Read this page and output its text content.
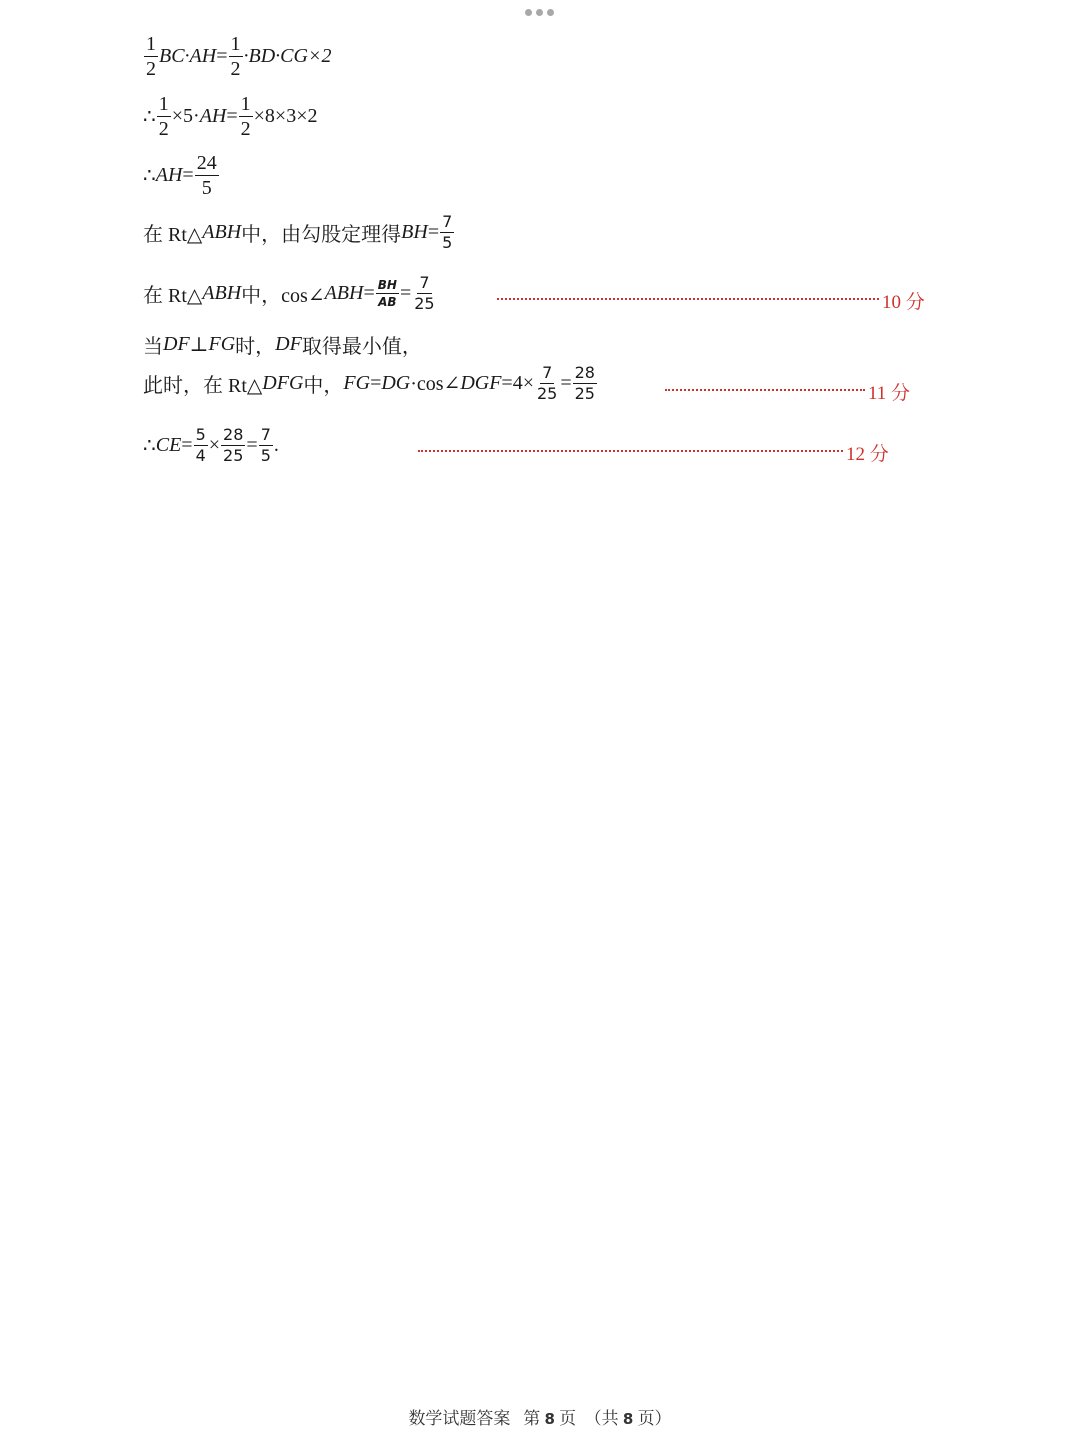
$\frac{1}{2} BC\cdot AH = \frac{1}{2} \cdot BD\cdot CG\times 2$
∴ $\frac{1}{2} \times 5\cdot$ AH = $\frac{1}{2} \times 8\times 3\times 2$
∴ AH = $\frac{24}{5}$
在 Rt△ ABH 中，由勾股定理得 BH = $\frac{7}{5}$
在 Rt△ ABH 中，cos∠ ABH = $\frac{BH}{AB} = \frac{7}{25}$	10 分
当 DF ⊥ FG 时， DF 取得最小值，
此时，在 Rt△ DFG 中， FG = DG ·cos∠ DGF $=4\times \frac{7}{25} = \frac{28}{25}$	11 分
∴ CE = $\frac{5}{4} \times \frac{28}{25} = \frac{7}{5}$ .	12 分
数学试题答案 第 8 页 （共 8 页）
